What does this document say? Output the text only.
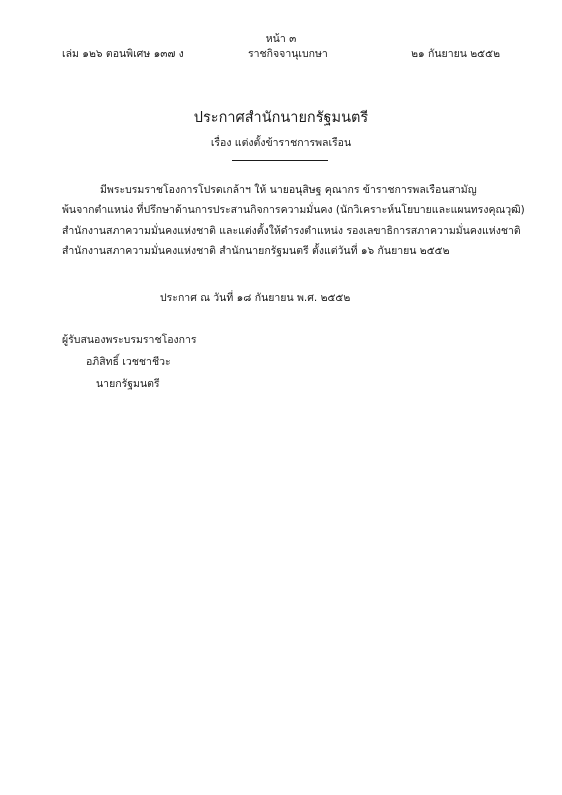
หน้า ๓
เล่ม ๑๒๖ ตอนพิเศษ ๑๓๗ ง	ราชกิจจานุเบกษา	๒๑ กันยายน ๒๕๕๒
ประกาศสำนักนายกรัฐมนตรี
เรื่อง แต่งตั้งข้าราชการพลเรือน
มีพระบรมราชโองการโปรดเกล้าฯ ให้ นายอนุสิษฐ คุณากร ข้าราชการพลเรือนสามัญ
พ้นจากตำแหน่ง ที่ปรึกษาด้านการประสานกิจการความมั่นคง (นักวิเคราะห์นโยบายและแผนทรงคุณวุฒิ)
สำนักงานสภาความมั่นคงแห่งชาติ และแต่งตั้งให้ดำรงตำแหน่ง รองเลขาธิการสภาความมั่นคงแห่งชาติ
สำนักงานสภาความมั่นคงแห่งชาติ สำนักนายกรัฐมนตรี ตั้งแต่วันที่ ๑๖ กันยายน ๒๕๕๒
ประกาศ ณ วันที่ ๑๘ กันยายน พ.ศ. ๒๕๕๒
ผู้รับสนองพระบรมราชโองการ
อภิสิทธิ์ เวชชาชีวะ
นายกรัฐมนตรี
